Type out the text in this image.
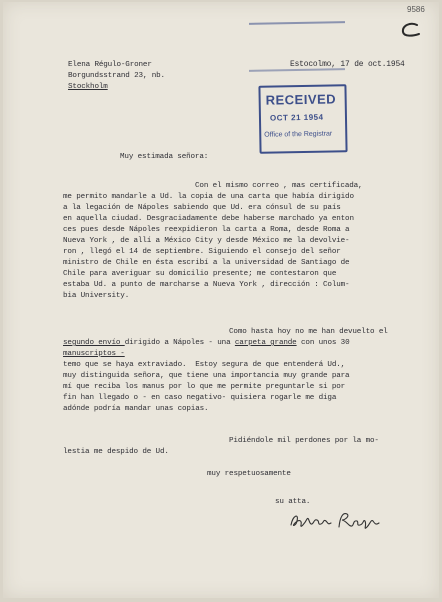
9586
Elena Régulo-Groner
Borgundsstrand 23, nb.
Stockholm
Estocolmo, 17 de oct.1954
RECEIVED
OCT 21 1954
Office of the Registrar
Muy estimada señora:
Con el mismo correo , mas certificada,
me permito mandarle a Ud. la copia de una carta que había dirigido
a la legación de Nápoles sabiendo que Ud. era cónsul de su país
en aquella ciudad. Desgraciadamente debe haberse marchado ya enton
ces pues desde Nápoles reexpidieron la carta a Roma, desde Roma a
Nueva York , de allí a México City y desde México me la devolvie-
ron , llegó el 14 de septiembre. Siguiendo el consejo del señor
ministro de Chile en ésta escribí a la universidad de Santiago de
Chile para averiguar su domicilio presente; me contestaron que
estaba Ud. a punto de marcharse a Nueva York , dirección : Colum-
bia University.
Como hasta hoy no me han devuelto el
segundo envío dirigido a Nápoles - una carpeta grande con unos 30
manuscriptos -
temo que se haya extraviado.  Estoy segura de que entenderá Ud.,
muy distinguida señora, que tiene una importancia muy grande para
mí que reciba los manus por lo que me permite preguntarle si por
fin han llegado o - en caso negativo- quisiera rogarle me diga
adónde podría mandar unas copias.
Pidiéndole mil perdones por la mo-
lestia me despido de Ud.
muy respetuosamente
su atta.
